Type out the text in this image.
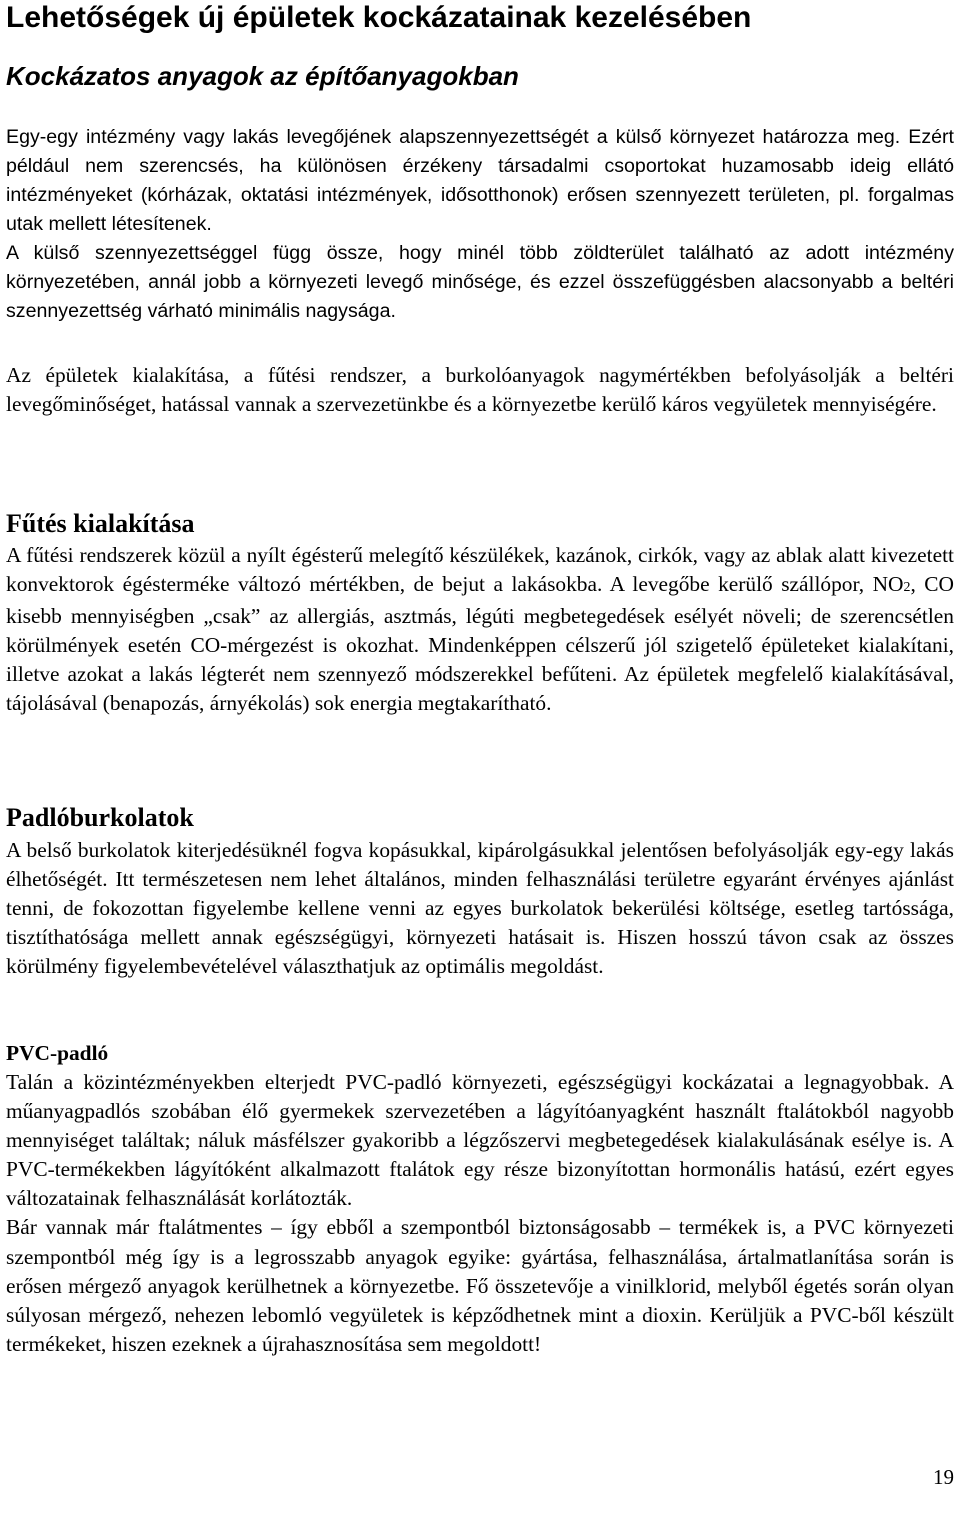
Lehetőségek új épületek kockázatainak kezelésében
Kockázatos anyagok az építőanyagokban

Egy-egy intézmény vagy lakás levegőjének alapszennyezettségét a külső környezet határozza meg. Ezért például nem szerencsés, ha különösen érzékeny társadalmi csoportokat huzamosabb ideig ellátó intézményeket (kórházak, oktatási intézmények, idősotthonok) erősen szennyezett területen, pl. forgalmas utak mellett létesítenek.

A külső szennyezettséggel függ össze, hogy minél több zöldterület található az adott intézmény környezetében, annál jobb a környezeti levegő minősége, és ezzel összefüggésben alacsonyabb a beltéri szennyezettség várható minimális nagysága.

Az épületek kialakítása, a fűtési rendszer, a burkolóanyagok nagymértékben befolyásolják a beltéri levegőminőséget, hatással vannak a szervezetünkbe és a környezetbe kerülő káros vegyületek mennyiségére.

Fűtés kialakítása

A fűtési rendszerek közül a nyílt égésterű melegítő készülékek, kazánok, cirkók, vagy az ablak alatt kivezetett konvektorok égésterméke változó mértékben, de bejut a lakásokba. A levegőbe kerülő szállópor, NO2, CO kisebb mennyiségben „csak” az allergiás, asztmás, légúti megbetegedések esélyét növeli; de szerencsétlen körülmények esetén CO-mérgezést is okozhat. Mindenképpen célszerű jól szigetelő épületeket kialakítani, illetve azokat a lakás légterét nem szennyező módszerekkel befűteni. Az épületek megfelelő kialakításával, tájolásával (benapozás, árnyékolás) sok energia megtakarítható.

Padlóburkolatok

A belső burkolatok kiterjedésüknél fogva kopásukkal, kipárolgásukkal jelentősen befolyásolják egy-egy lakás élhetőségét. Itt természetesen nem lehet általános, minden felhasználási területre egyaránt érvényes ajánlást tenni, de fokozottan figyelembe kellene venni az egyes burkolatok bekerülési költsége, esetleg tartóssága, tisztíthatósága mellett annak egészségügyi, környezeti hatásait is. Hiszen hosszú távon csak az összes körülmény figyelembevételével választhatjuk az optimális megoldást.

PVC-padló

Talán a közintézményekben elterjedt PVC-padló környezeti, egészségügyi kockázatai a legnagyobbak. A műanyagpadlós szobában élő gyermekek szervezetében a lágyítóanyagként használt ftalátokból nagyobb mennyiséget találtak; náluk másfélszer gyakoribb a légzőszervi megbetegedések kialakulásának esélye is. A PVC-termékekben lágyítóként alkalmazott ftalátok egy része bizonyítottan hormonális hatású, ezért egyes változatainak felhasználását korlátozták.

Bár vannak már ftalátmentes – így ebből a szempontból biztonságosabb – termékek is, a PVC környezeti szempontból még így is a legrosszabb anyagok egyike: gyártása, felhasználása, ártalmatlanítása során is erősen mérgező anyagok kerülhetnek a környezetbe. Fő összetevője a vinilklorid, melyből égetés során olyan súlyosan mérgező, nehezen lebomló vegyületek is képződhetnek mint a dioxin. Kerüljük a PVC-ből készült termékeket, hiszen ezeknek a újrahasznosítása sem megoldott!

19
